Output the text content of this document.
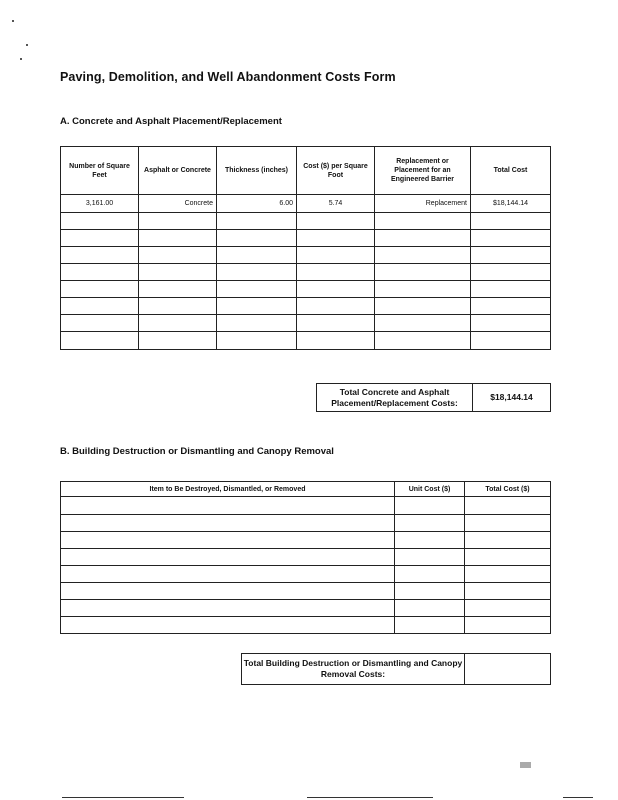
Paving, Demolition, and Well Abandonment Costs Form
A. Concrete and Asphalt Placement/Replacement
Number of Square Feet	Asphalt or Concrete	Thickness (inches)	Cost ($) per Square Foot	Replacement or Placement for an Engineered Barrier	Total Cost
3,161.00	Concrete	6.00	5.74	Replacement	$18,144.14

Total Concrete and Asphalt Placement/Replacement Costs:	$18,144.14
B. Building Destruction or Dismantling and Canopy Removal
Item to Be Destroyed, Dismantled, or Removed	Unit Cost ($)	Total Cost ($)

Total Building Destruction or Dismantling and Canopy Removal Costs:	
